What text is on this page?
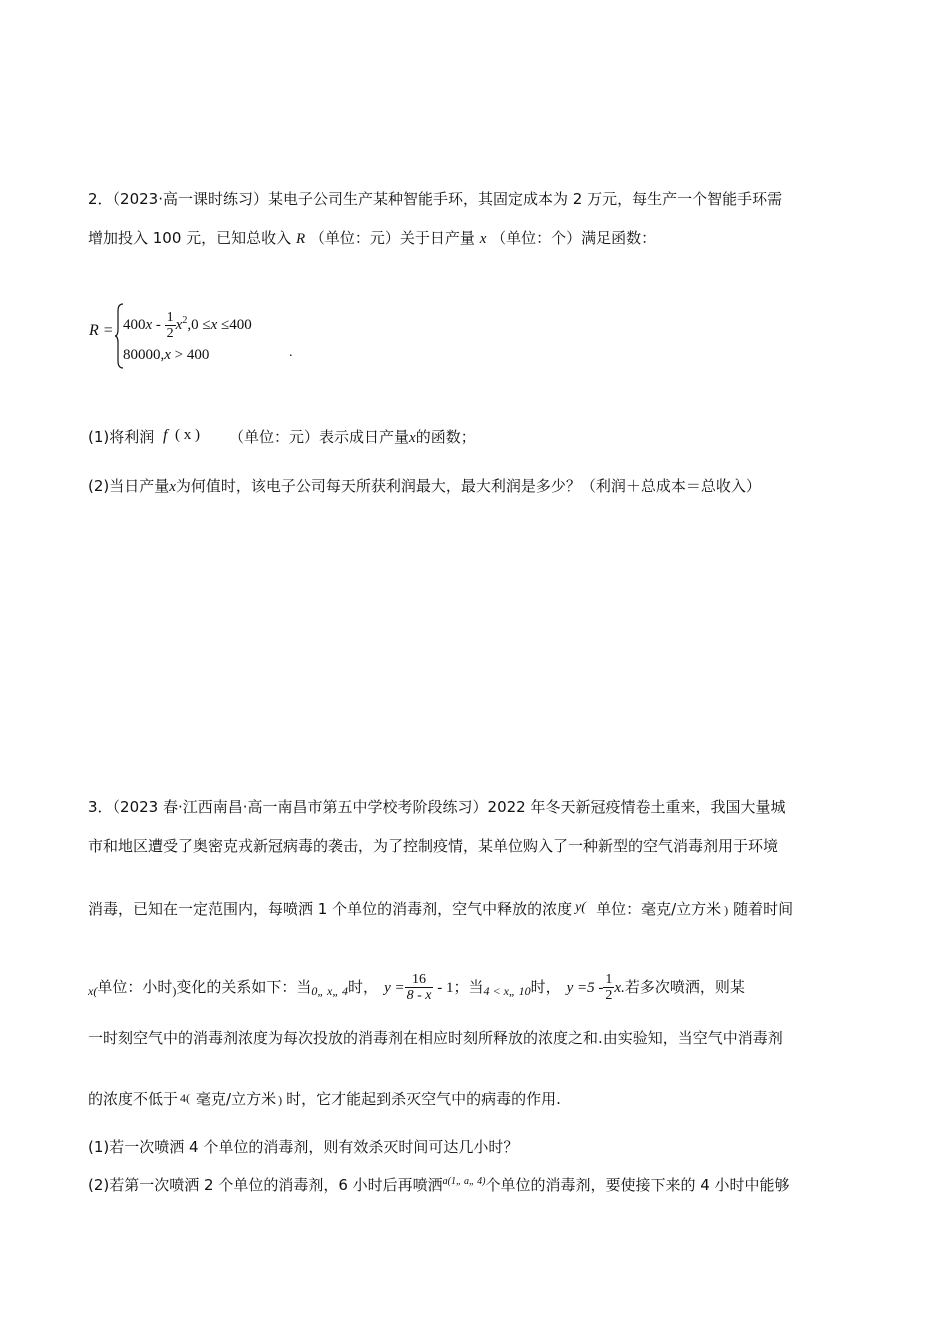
2．（2023·高一课时练习）某电子公司生产某种智能手环，其固定成本为 2 万元，每生产一个智能手环需
增加投入 100 元，已知总收入 R （单位：元）关于日产量 x （单位：个）满足函数：
$R = 400x - \frac{1}{2} x^2,0 \le x \le 400$
80000,x > 400	.
(1)将利润 f ( x ) （单位：元）表示成日产量x的函数；
(2)当日产量x为何值时，该电子公司每天所获利润最大，最大利润是多少？（利润＋总成本＝总收入）
3．（2023 春·江西南昌·高一南昌市第五中学校考阶段练习）2022 年冬天新冠疫情卷土重来，我国大量城
市和地区遭受了奥密克戎新冠病毒的袭击，为了控制疫情，某单位购入了一种新型的空气消毒剂用于环境
消毒，已知在一定范围内，每喷洒 1 个单位的消毒剂，空气中释放的浓度 y( 单位：毫克/立方米 ) 随着时间
$_{x(}$单位：小时$_)$变化的关系如下：当$_{0„ x„ 4}$时， $y = \frac{16}{8 - x} - 1$；当$_{4 < x„ 10}$时， $y =5 - \frac{1}{2} x$.若多次喷洒，则某
一时刻空气中的消毒剂浓度为每次投放的消毒剂在相应时刻所释放的浓度之和.由实验知，当空气中消毒剂
的浓度不低于 4( 毫克/立方米 ) 时，它才能起到杀灭空气中的病毒的作用.
(1)若一次喷洒 4 个单位的消毒剂，则有效杀灭时间可达几小时？
(2)若第一次喷洒 2 个单位的消毒剂，6 小时后再喷洒$^{a(1„ a„ 4)}$个单位的消毒剂，要使接下来的 4 小时中能够
